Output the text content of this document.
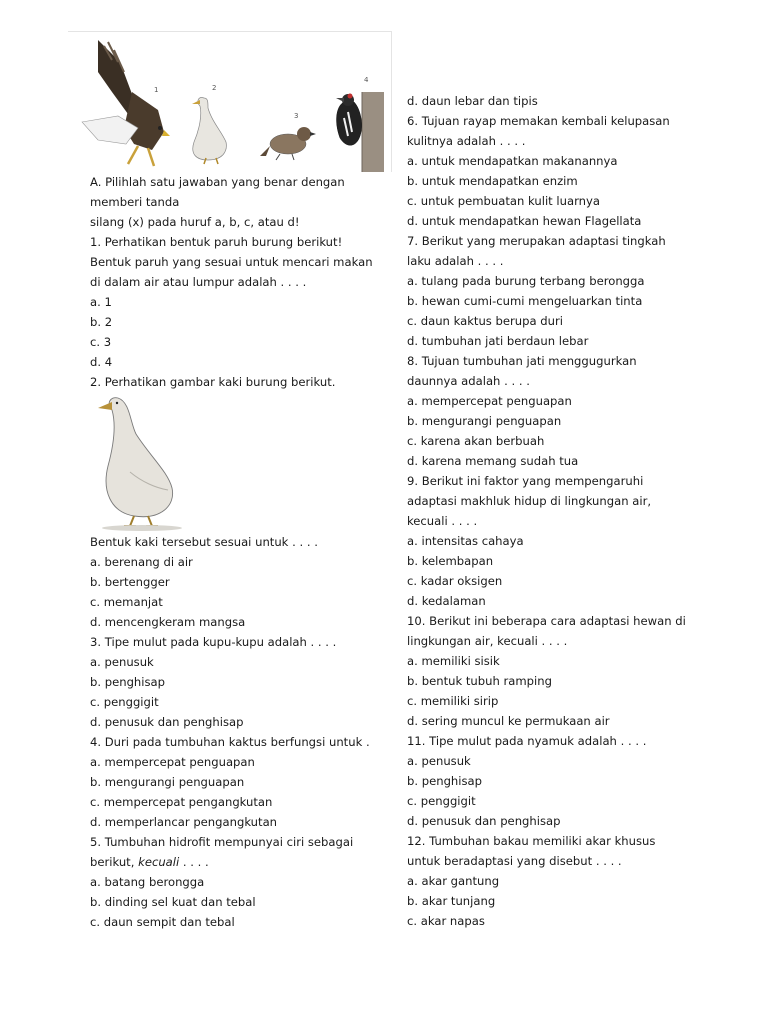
1	2
3
4
A. Pilihlah satu jawaban yang benar dengan
memberi tanda
silang (x) pada huruf a, b, c, atau d!
1. Perhatikan bentuk paruh burung berikut!
Bentuk paruh yang sesuai untuk mencari makan
di dalam air atau lumpur adalah . . . .
a. 1
b. 2
c. 3
d. 4
2. Perhatikan gambar kaki burung berikut.
Bentuk kaki tersebut sesuai untuk . . . .
a. berenang di air
b. bertengger
c. memanjat
d. mencengkeram mangsa
3. Tipe mulut pada kupu-kupu adalah . . . .
a. penusuk
b. penghisap
c. penggigit
d. penusuk dan penghisap
4. Duri pada tumbuhan kaktus berfungsi untuk .
a. mempercepat penguapan
b. mengurangi penguapan
c. mempercepat pengangkutan
d. memperlancar pengangkutan
5. Tumbuhan hidrofit mempunyai ciri sebagai
berikut, kecuali . . . .
a. batang berongga
b. dinding sel kuat dan tebal
c. daun sempit dan tebal
d. daun lebar dan tipis
6. Tujuan rayap memakan kembali kelupasan
kulitnya adalah . . . .
a. untuk mendapatkan makanannya
b. untuk mendapatkan enzim
c. untuk pembuatan kulit luarnya
d. untuk mendapatkan hewan Flagellata
7. Berikut yang merupakan adaptasi tingkah
laku adalah . . . .
a. tulang pada burung terbang berongga
b. hewan cumi-cumi mengeluarkan tinta
c. daun kaktus berupa duri
d. tumbuhan jati berdaun lebar
8. Tujuan tumbuhan jati menggugurkan
daunnya adalah . . . .
a. mempercepat penguapan
b. mengurangi penguapan
c. karena akan berbuah
d. karena memang sudah tua
9. Berikut ini faktor yang mempengaruhi
adaptasi makhluk hidup di lingkungan air,
kecuali . . . .
a. intensitas cahaya
b. kelembapan
c. kadar oksigen
d. kedalaman
10. Berikut ini beberapa cara adaptasi hewan di
lingkungan air, kecuali . . . .
a. memiliki sisik
b. bentuk tubuh ramping
c. memiliki sirip
d. sering muncul ke permukaan air
11. Tipe mulut pada nyamuk adalah . . . .
a. penusuk
b. penghisap
c. penggigit
d. penusuk dan penghisap
12. Tumbuhan bakau memiliki akar khusus
untuk beradaptasi yang disebut . . . .
a. akar gantung
b. akar tunjang
c. akar napas
